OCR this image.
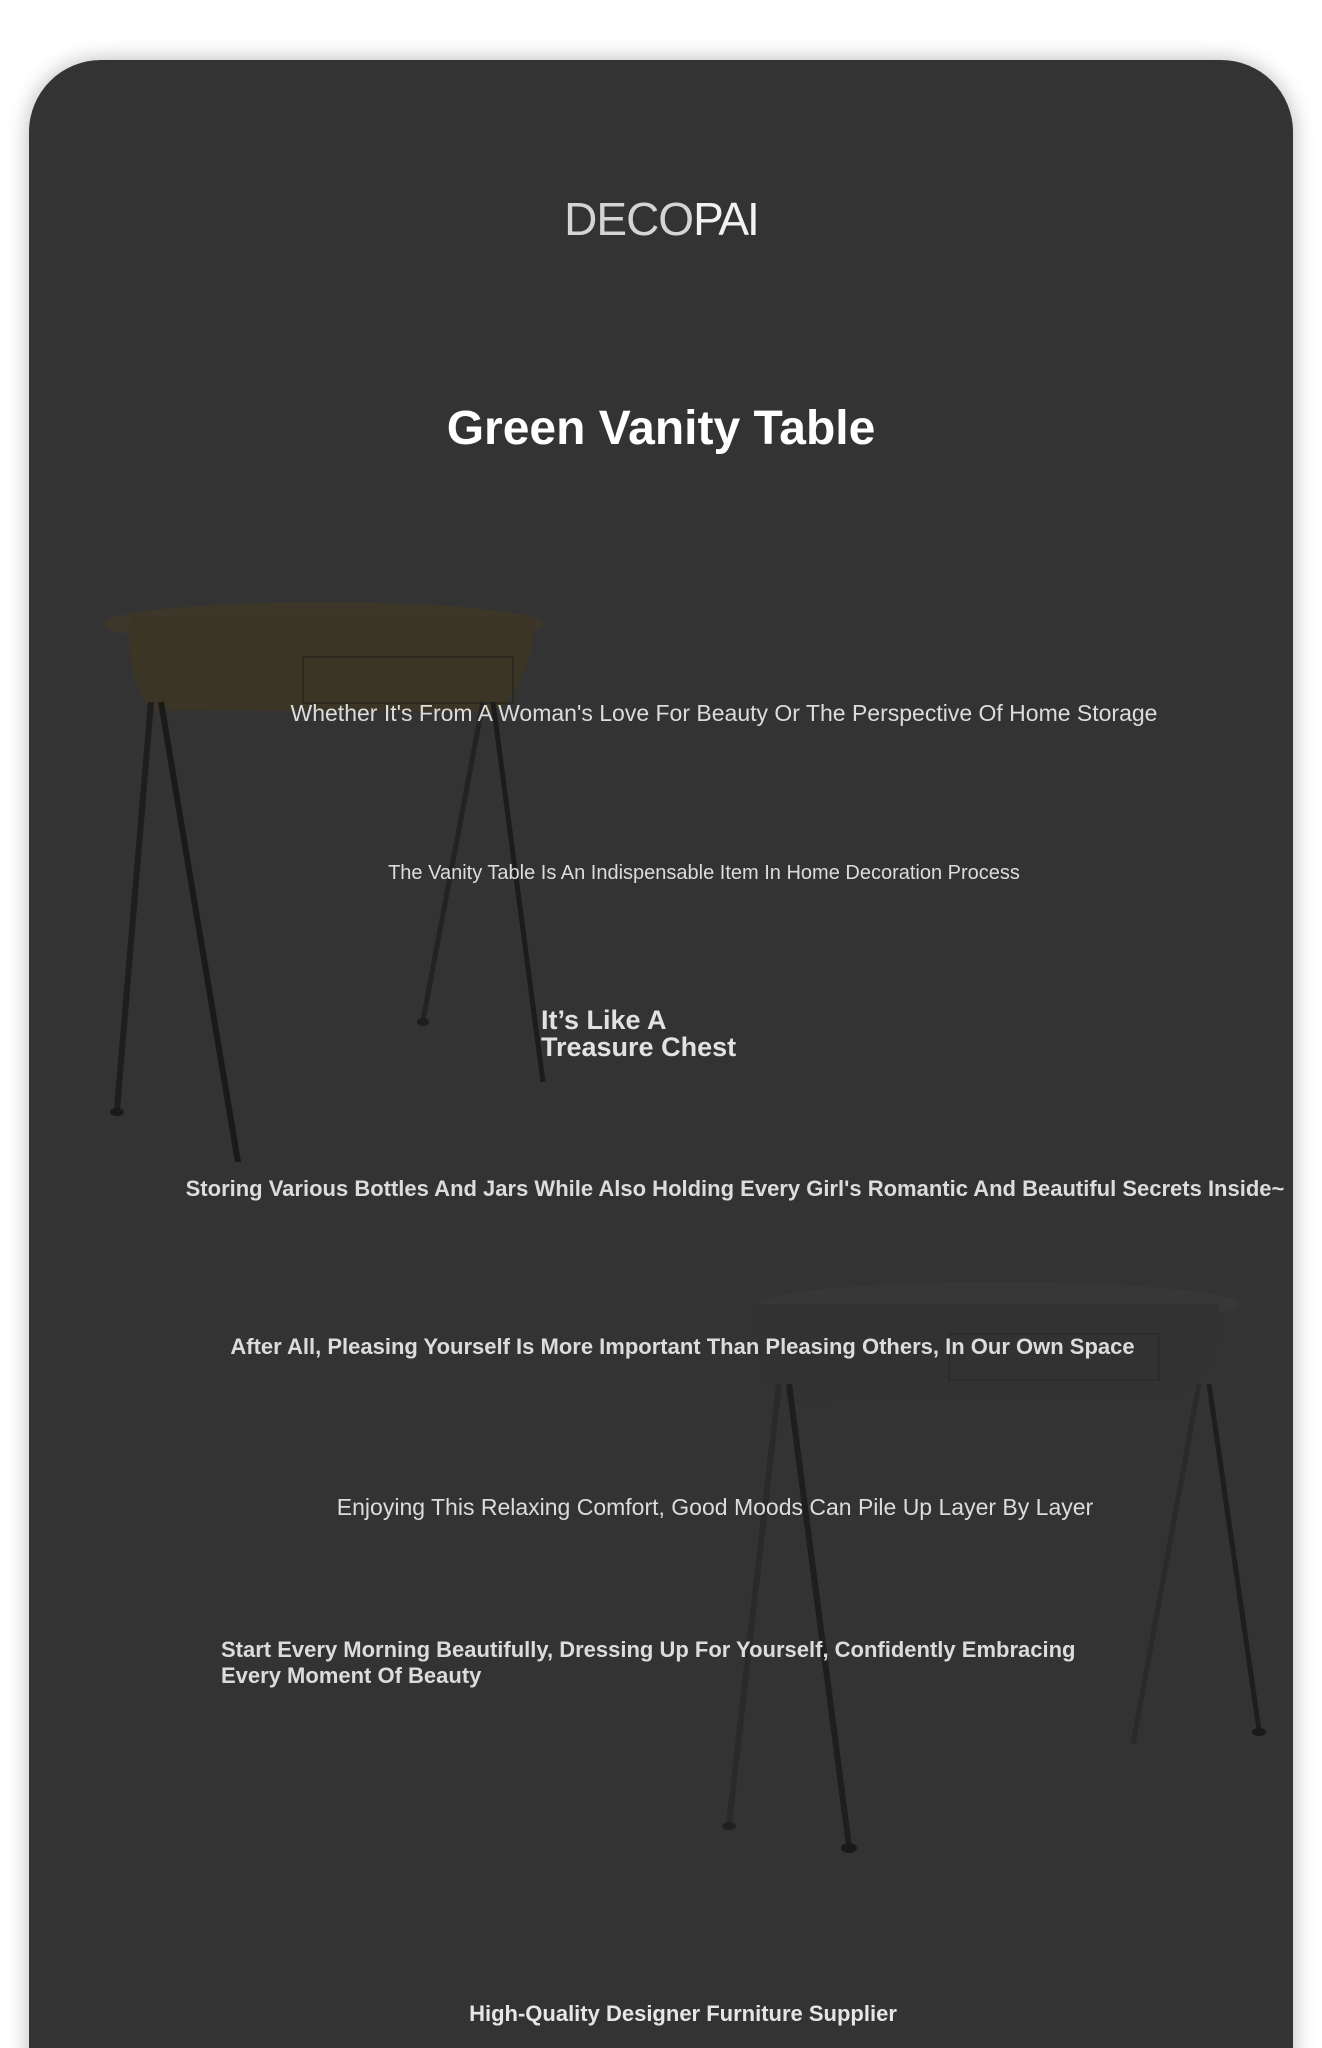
DECOPAI
Green Vanity Table

Whether It's From A Woman's Love For Beauty Or The Perspective Of Home Storage

The Vanity Table Is An Indispensable Item In Home Decoration Process

It’s Like A
Treasure Chest

Storing Various Bottles And Jars While Also Holding Every Girl's Romantic And Beautiful Secrets Inside~

After All, Pleasing Yourself Is More Important Than Pleasing Others, In Our Own Space

Enjoying This Relaxing Comfort, Good Moods Can Pile Up Layer By Layer

Start Every Morning Beautifully, Dressing Up For Yourself, Confidently Embracing
Every Moment Of Beauty

High-Quality Designer Furniture Supplier
